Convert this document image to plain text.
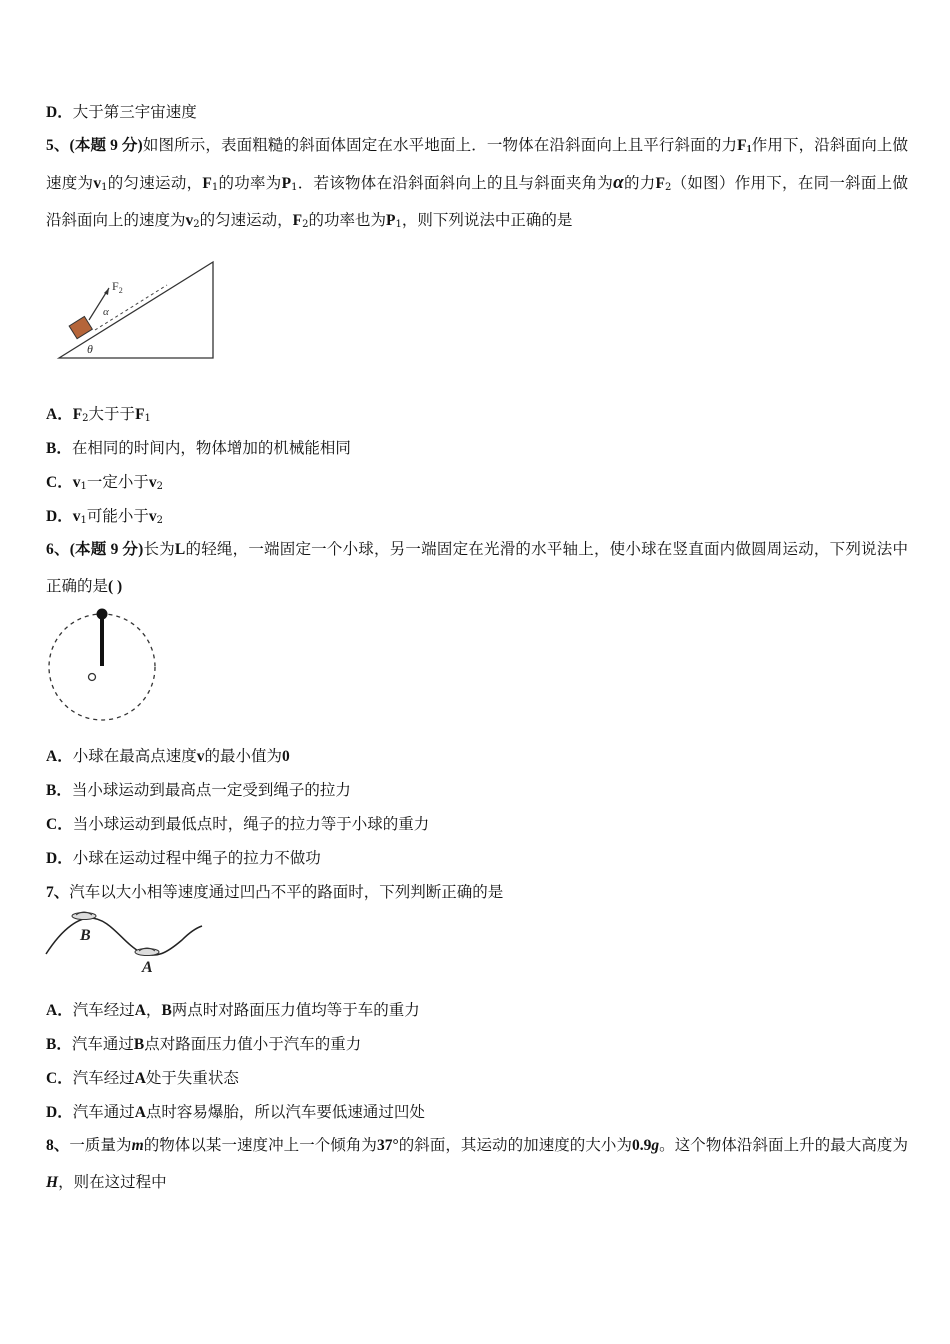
D．大于第三宇宙速度
5、(本题 9 分)如图所示，表面粗糙的斜面体固定在水平地面上．一物体在沿斜面向上且平行斜面的力$F_1$作用下，沿斜面向上做速度为$v_1$的匀速运动，$F_1$的功率为$P_1$．若该物体在沿斜面斜向上的且与斜面夹角为α的力$F_2$（如图）作用下，在同一斜面上做沿斜面向上的速度为$v_2$的匀速运动，$F_2$的功率也为$P_1$，则下列说法中正确的是
$F_2$
α
θ
A．$F_2$大于于$F_1$
B．在相同的时间内，物体增加的机械能相同
C．$v_1$一定小于$v_2$
D．$v_1$可能小于$v_2$
6、(本题 9 分)长为L的轻绳，一端固定一个小球，另一端固定在光滑的水平轴上，使小球在竖直面内做圆周运动，下列说法中正确的是( )
A．小球在最高点速度v的最小值为0
B．当小球运动到最高点一定受到绳子的拉力
C．当小球运动到最低点时，绳子的拉力等于小球的重力
D．小球在运动过程中绳子的拉力不做功
7、汽车以大小相等速度通过凹凸不平的路面时，下列判断正确的是
B
A
A．汽车经过A，B两点时对路面压力值均等于车的重力
B．汽车通过B点对路面压力值小于汽车的重力
C．汽车经过A处于失重状态
D．汽车通过A点时容易爆胎，所以汽车要低速通过凹处
8、一质量为m的物体以某一速度冲上一个倾角为37°的斜面，其运动的加速度的大小为0.9g。这个物体沿斜面上升的最大高度为H，则在这过程中
